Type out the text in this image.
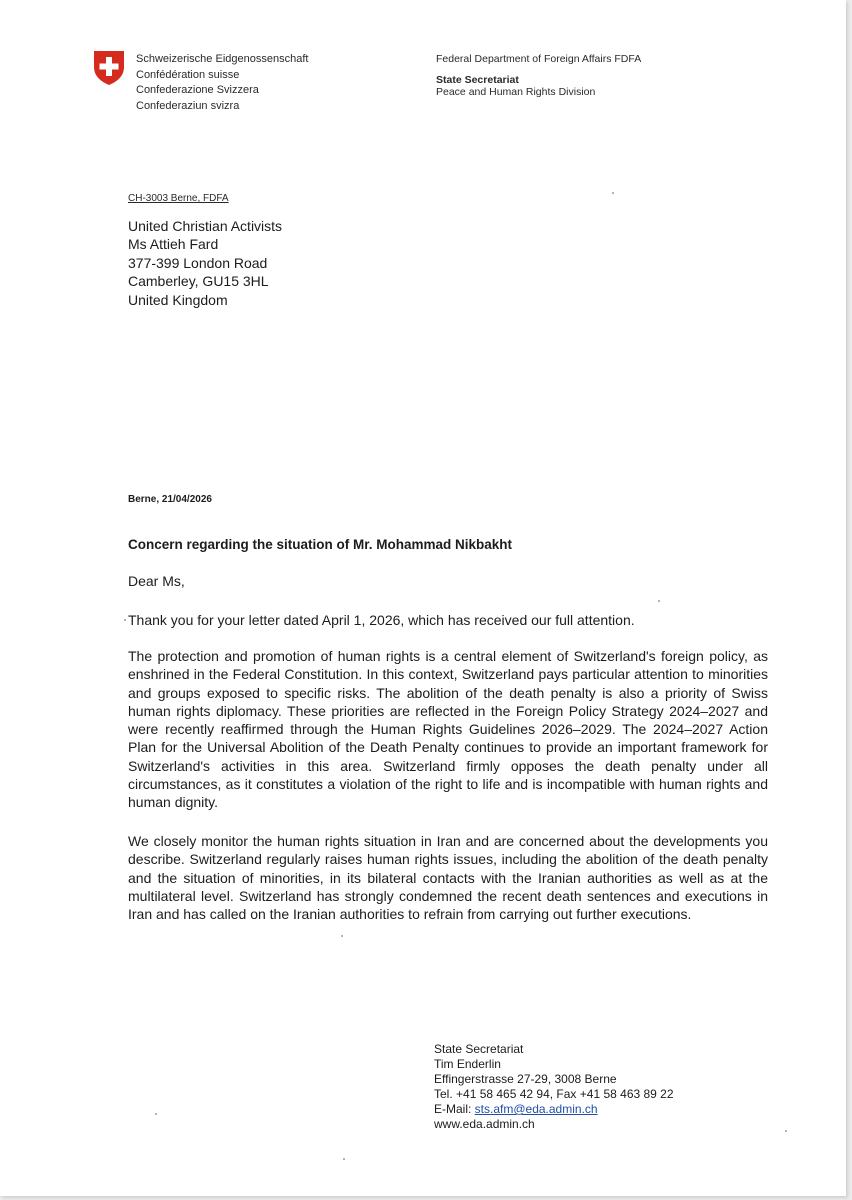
Schweizerische Eidgenossenschaft
Confédération suisse
Confederazione Svizzera
Confederaziun svizra
Federal Department of Foreign Affairs FDFA
State Secretariat
Peace and Human Rights Division
CH-3003 Berne, FDFA
United Christian Activists
Ms Attieh Fard
377-399 London Road
Camberley, GU15 3HL
United Kingdom
Berne, 21/04/2026
Concern regarding the situation of Mr. Mohammad Nikbakht
Dear Ms,
Thank you for your letter dated April 1, 2026, which has received our full attention.
The protection and promotion of human rights is a central element of Switzerland's foreign policy, as enshrined in the Federal Constitution. In this context, Switzerland pays particular attention to minorities and groups exposed to specific risks. The abolition of the death penalty is also a priority of Swiss human rights diplomacy. These priorities are reflected in the Foreign Policy Strategy 2024–2027 and were recently reaffirmed through the Human Rights Guidelines 2026–2029. The 2024–2027 Action Plan for the Universal Abolition of the Death Penalty continues to provide an important framework for Switzerland's activities in this area. Switzerland firmly opposes the death penalty under all circumstances, as it constitutes a violation of the right to life and is incompatible with human rights and human dignity.
We closely monitor the human rights situation in Iran and are concerned about the developments you describe. Switzerland regularly raises human rights issues, including the abolition of the death penalty and the situation of minorities, in its bilateral contacts with the Iranian authorities as well as at the multilateral level. Switzerland has strongly condemned the recent death sentences and executions in Iran and has called on the Iranian authorities to refrain from carrying out further executions.
State Secretariat
Tim Enderlin
Effingerstrasse 27-29, 3008 Berne
Tel. +41 58 465 42 94, Fax +41 58 463 89 22
E-Mail: sts.afm@eda.admin.ch
www.eda.admin.ch
